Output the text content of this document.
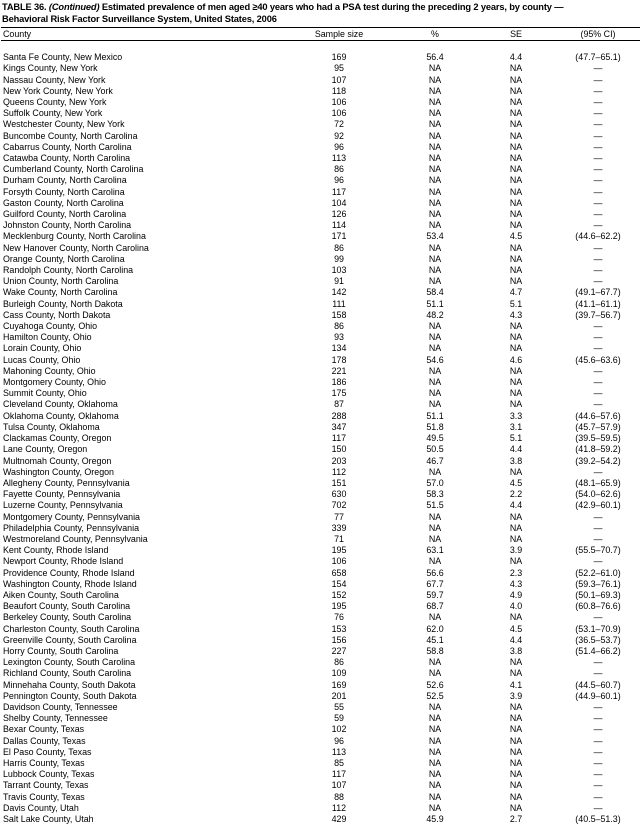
TABLE 36. (Continued) Estimated prevalence of men aged ≥40 years who had a PSA test during the preceding 2 years, by county —
Behavioral Risk Factor Surveillance System, United States, 2006
County	Sample size	%	SE	(95% CI)

Santa Fe County, New Mexico	169	56.4	4.4	(47.7–65.1)
Kings County, New York	95	NA	NA	—
Nassau County, New York	107	NA	NA	—
New York County, New York	118	NA	NA	—
Queens County, New York	106	NA	NA	—
Suffolk County, New York	106	NA	NA	—
Westchester County, New York	72	NA	NA	—
Buncombe County, North Carolina	92	NA	NA	—
Cabarrus County, North Carolina	96	NA	NA	—
Catawba County, North Carolina	113	NA	NA	—
Cumberland County, North Carolina	86	NA	NA	—
Durham County, North Carolina	96	NA	NA	—
Forsyth County, North Carolina	117	NA	NA	—
Gaston County, North Carolina	104	NA	NA	—
Guilford County, North Carolina	126	NA	NA	—
Johnston County, North Carolina	114	NA	NA	—
Mecklenburg County, North Carolina	171	53.4	4.5	(44.6–62.2)
New Hanover County, North Carolina	86	NA	NA	—
Orange County, North Carolina	99	NA	NA	—
Randolph County, North Carolina	103	NA	NA	—
Union County, North Carolina	91	NA	NA	—
Wake County, North Carolina	142	58.4	4.7	(49.1–67.7)
Burleigh County, North Dakota	111	51.1	5.1	(41.1–61.1)
Cass County, North Dakota	158	48.2	4.3	(39.7–56.7)
Cuyahoga County, Ohio	86	NA	NA	—
Hamilton County, Ohio	93	NA	NA	—
Lorain County, Ohio	134	NA	NA	—
Lucas County, Ohio	178	54.6	4.6	(45.6–63.6)
Mahoning County, Ohio	221	NA	NA	—
Montgomery County, Ohio	186	NA	NA	—
Summit County, Ohio	175	NA	NA	—
Cleveland County, Oklahoma	87	NA	NA	—
Oklahoma County, Oklahoma	288	51.1	3.3	(44.6–57.6)
Tulsa County, Oklahoma	347	51.8	3.1	(45.7–57.9)
Clackamas County, Oregon	117	49.5	5.1	(39.5–59.5)
Lane County, Oregon	150	50.5	4.4	(41.8–59.2)
Multnomah County, Oregon	203	46.7	3.8	(39.2–54.2)
Washington County, Oregon	112	NA	NA	—
Allegheny County, Pennsylvania	151	57.0	4.5	(48.1–65.9)
Fayette County, Pennsylvania	630	58.3	2.2	(54.0–62.6)
Luzerne County, Pennsylvania	702	51.5	4.4	(42.9–60.1)
Montgomery County, Pennsylvania	77	NA	NA	—
Philadelphia County, Pennsylvania	339	NA	NA	—
Westmoreland County, Pennsylvania	71	NA	NA	—
Kent County, Rhode Island	195	63.1	3.9	(55.5–70.7)
Newport County, Rhode Island	106	NA	NA	—
Providence County, Rhode Island	658	56.6	2.3	(52.2–61.0)
Washington County, Rhode Island	154	67.7	4.3	(59.3–76.1)
Aiken County, South Carolina	152	59.7	4.9	(50.1–69.3)
Beaufort County, South Carolina	195	68.7	4.0	(60.8–76.6)
Berkeley County, South Carolina	76	NA	NA	—
Charleston County, South Carolina	153	62.0	4.5	(53.1–70.9)
Greenville County, South Carolina	156	45.1	4.4	(36.5–53.7)
Horry County, South Carolina	227	58.8	3.8	(51.4–66.2)
Lexington County, South Carolina	86	NA	NA	—
Richland County, South Carolina	109	NA	NA	—
Minnehaha County, South Dakota	169	52.6	4.1	(44.5–60.7)
Pennington County, South Dakota	201	52.5	3.9	(44.9–60.1)
Davidson County, Tennessee	55	NA	NA	—
Shelby County, Tennessee	59	NA	NA	—
Bexar County, Texas	102	NA	NA	—
Dallas County, Texas	96	NA	NA	—
El Paso County, Texas	113	NA	NA	—
Harris County, Texas	85	NA	NA	—
Lubbock County, Texas	117	NA	NA	—
Tarrant County, Texas	107	NA	NA	—
Travis County, Texas	88	NA	NA	—
Davis County, Utah	112	NA	NA	—
Salt Lake County, Utah	429	45.9	2.7	(40.5–51.3)
